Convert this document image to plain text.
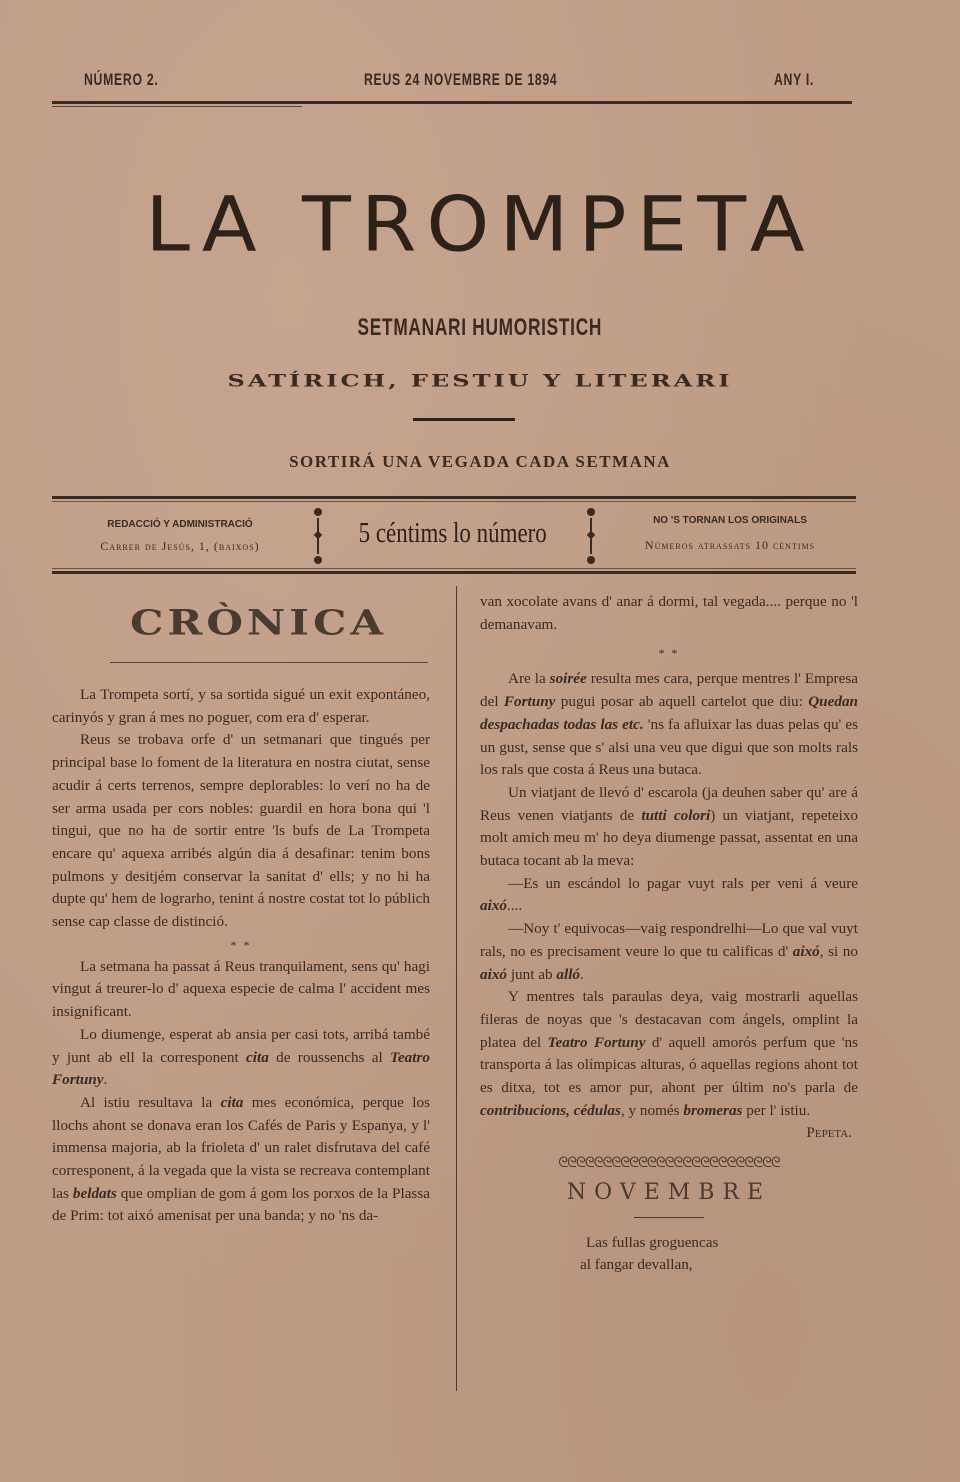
NÚMERO 2.	REUS 24 NOVEMBRE DE 1894	ANY I.
LA TROMPETA
SETMANARI HUMORISTICH
SATÍRICH, FESTIU Y LITERARI
SORTIRÁ UNA VEGADA CADA SETMANA
REDACCIÓ Y ADMINISTRACIÓ
Carrer de Jesús, 1, (baixos)	5 céntims lo número	NO 'S TORNAN LOS ORIGINALS
Números atrassats 10 céntims
CRÒNICA

La Trompeta sortí, y sa sortida sigué un exit expontáneo, carinyós y gran á mes no poguer, com era d' esperar.

Reus se trobava orfe d' un setmanari que tingués per principal base lo foment de la literatura en nostra ciutat, sense acudir á certs terrenos, sempre deplorables: lo verí no ha de ser arma usada per cors nobles: guardil en hora bona qui 'l tingui, que no ha de sortir entre 'ls bufs de La Trompeta encare qu' aquexa arribés algún dia á desafinar: tenim bons pulmons y desitjém conservar la sanitat d' ells; y no hi ha dupte qu' hem de lograrho, tenint á nostre costat tot lo públich sense cap classe de distinció.

* *

La setmana ha passat á Reus tranquilament, sens qu' hagi vingut á treurer-lo d' aquexa especie de calma l' accident mes insignificant.

Lo diumenge, esperat ab ansia per casi tots, arribá també y junt ab ell la corresponent cita de roussenchs al Teatro Fortuny.

Al istiu resultava la cita mes económica, perque los llochs ahont se donava eran los Cafés de Paris y Espanya, y l' immensa majoria, ab la frioleta d' un ralet disfrutava del café corresponent, á la vegada que la vista se recreava contemplant las beldats que omplian de gom á gom los porxos de la Plassa de Prim: tot aixó amenisat per una banda; y no 'ns da-

van xocolate avans d' anar á dormi, tal vegada.... perque no 'l demanavam.

* *

Are la soirée resulta mes cara, perque mentres l' Empresa del Fortuny pugui posar ab aquell cartelot que diu: Quedan despachadas todas las etc. 'ns fa afluixar las duas pelas qu' es un gust, sense que s' alsi una veu que digui que son molts rals los rals que costa á Reus una butaca.

Un viatjant de llevó d' escarola (ja deuhen saber qu' are á Reus venen viatjants de tutti colori) un viatjant, repeteixo molt amich meu m' ho deya diumenge passat, assentat en una butaca tocant ab la meva:

—Es un escándol lo pagar vuyt rals per veni á veure aixó....

—Noy t' equivocas—vaig respondrelhi—Lo que val vuyt rals, no es precisament veure lo que tu calificas d' aixó, si no aixó junt ab alló.

Y mentres tals paraulas deya, vaig mostrarli aquellas fileras de noyas que 's destacavan com ángels, omplint la platea del Teatro Fortuny d' aquell amorós perfum que 'ns transporta á las olímpicas alturas, ó aquellas regions ahont tot es ditxa, tot es amor pur, ahont per últim no's parla de contribucions, cédulas, y només bromeras per l' istiu.

Pepeta.
ᘓᘓᘓᘓᘓᘓᘓᘓᘓᘓᘓᘓᘓᘓᘓᘓᘓᘓᘓᘓᘓᘓᘓᘓᘓ
NOVEMBRE
Las fullas groguencas
al fangar devallan,
